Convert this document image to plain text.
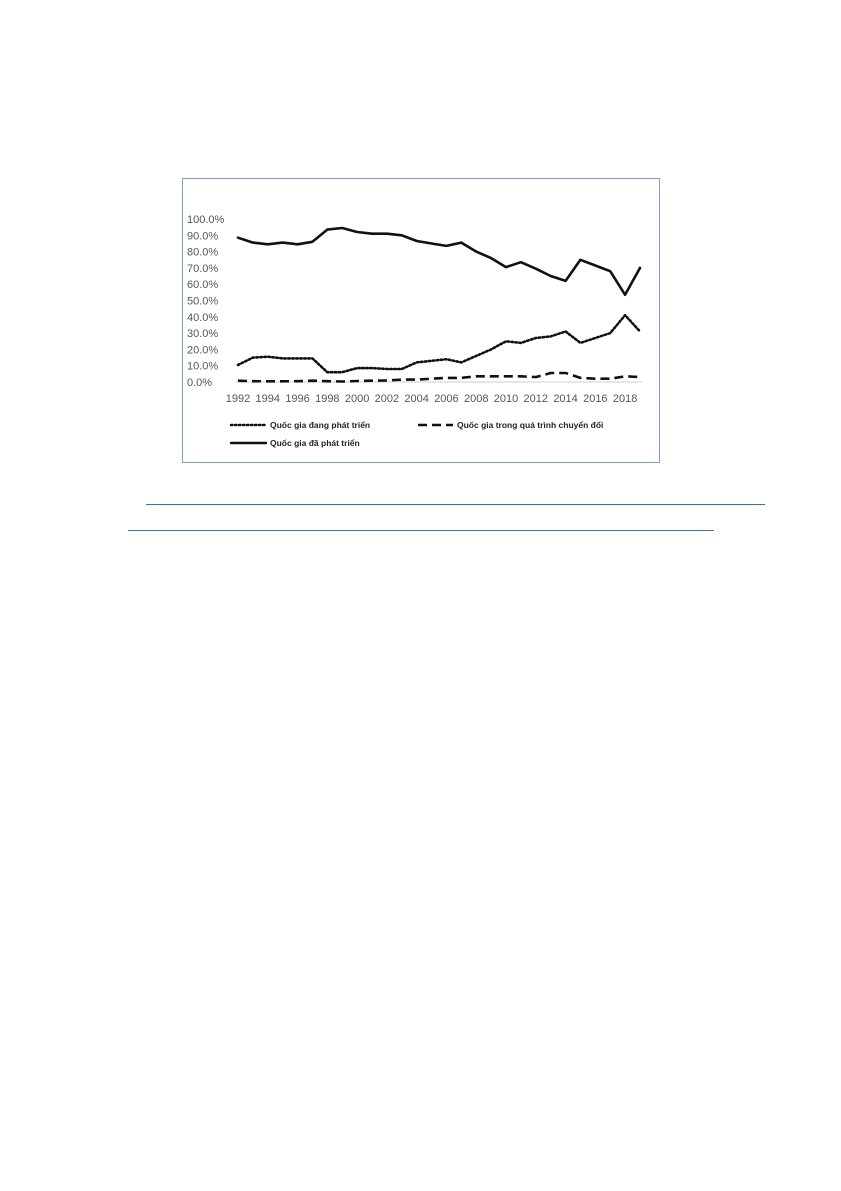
0.0%
10.0%
20.0%
30.0%
40.0%
50.0%
60.0%
70.0%
80.0%
90.0%
100.0%
1992 1994 1996 1998 2000 2002 2004 2006 2008 2010 2012 2014 2016 2018
Quốc gia đang phát triển	Quốc gia trong quá trình chuyển đổi
Quốc gia đã phát triển
